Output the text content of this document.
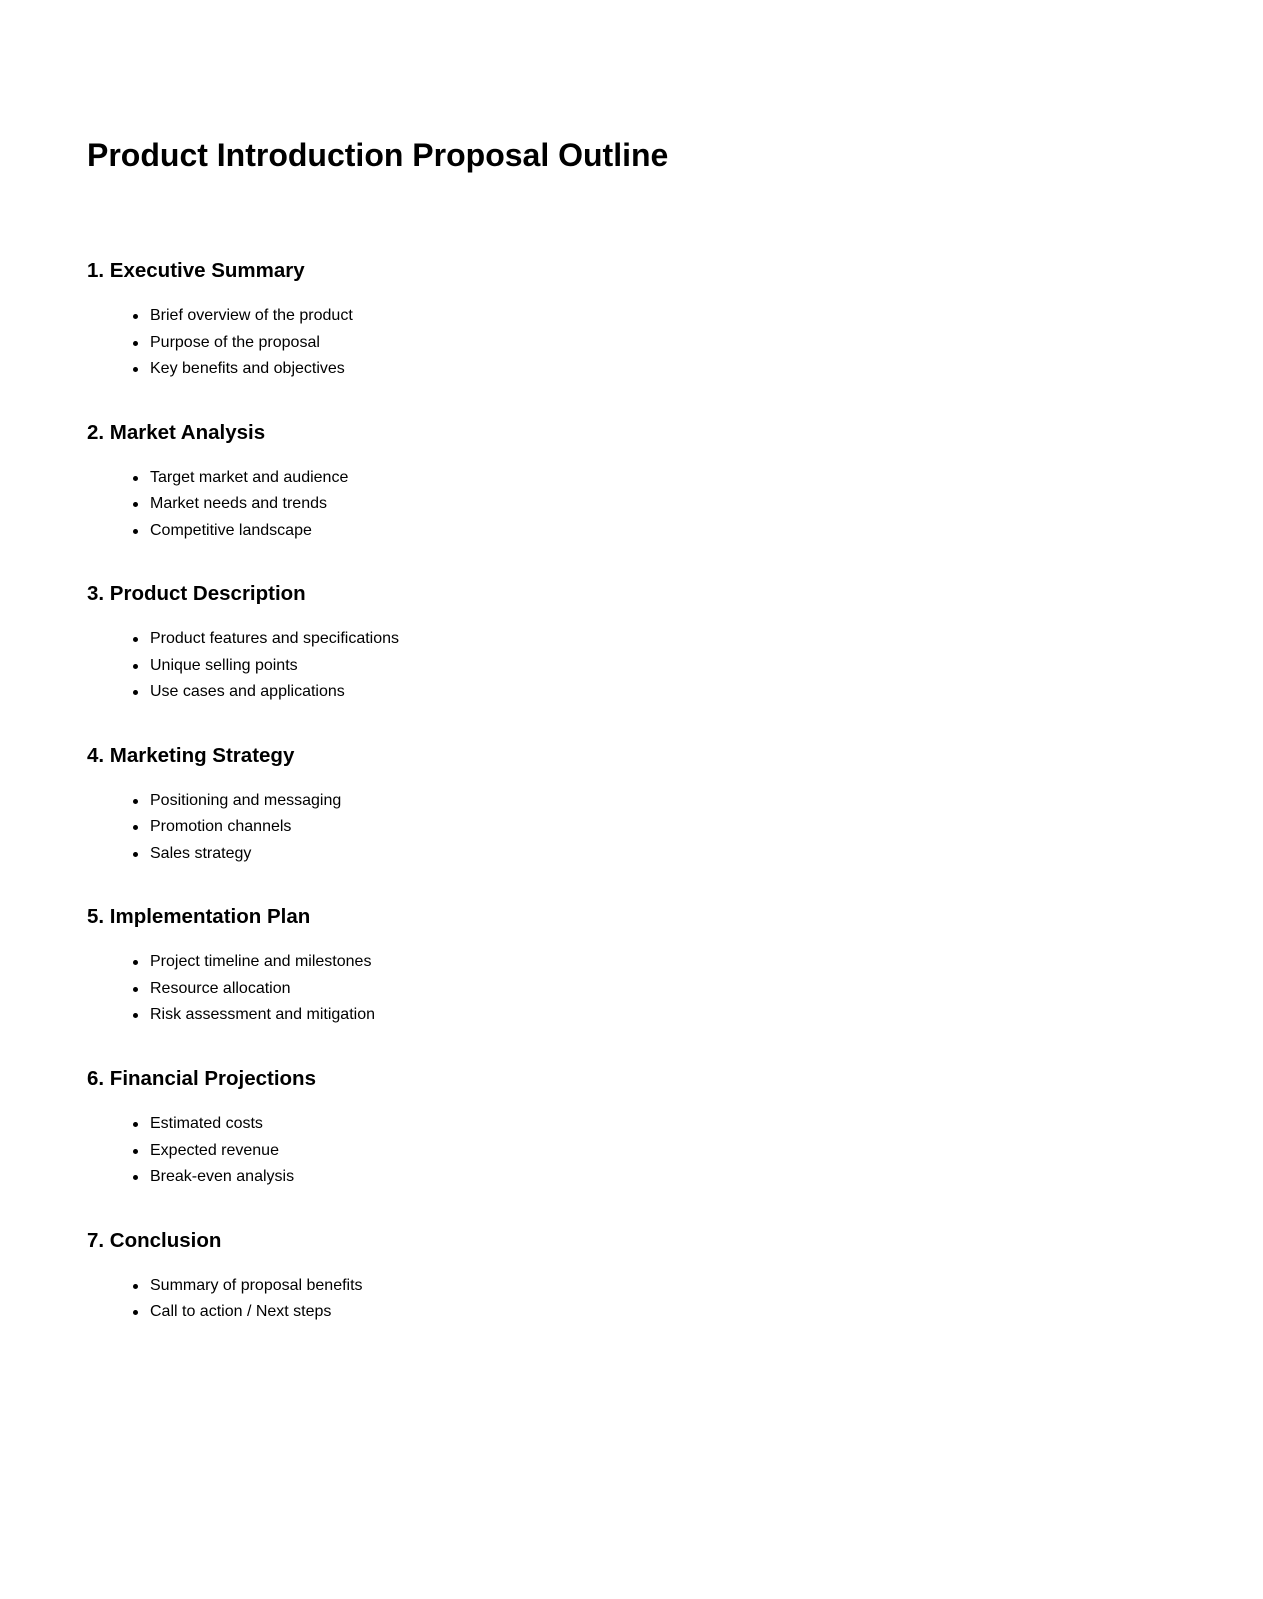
Product Introduction Proposal Outline
1. Executive Summary
Brief overview of the product
Purpose of the proposal
Key benefits and objectives
2. Market Analysis
Target market and audience
Market needs and trends
Competitive landscape
3. Product Description
Product features and specifications
Unique selling points
Use cases and applications
4. Marketing Strategy
Positioning and messaging
Promotion channels
Sales strategy
5. Implementation Plan
Project timeline and milestones
Resource allocation
Risk assessment and mitigation
6. Financial Projections
Estimated costs
Expected revenue
Break-even analysis
7. Conclusion
Summary of proposal benefits
Call to action / Next steps
